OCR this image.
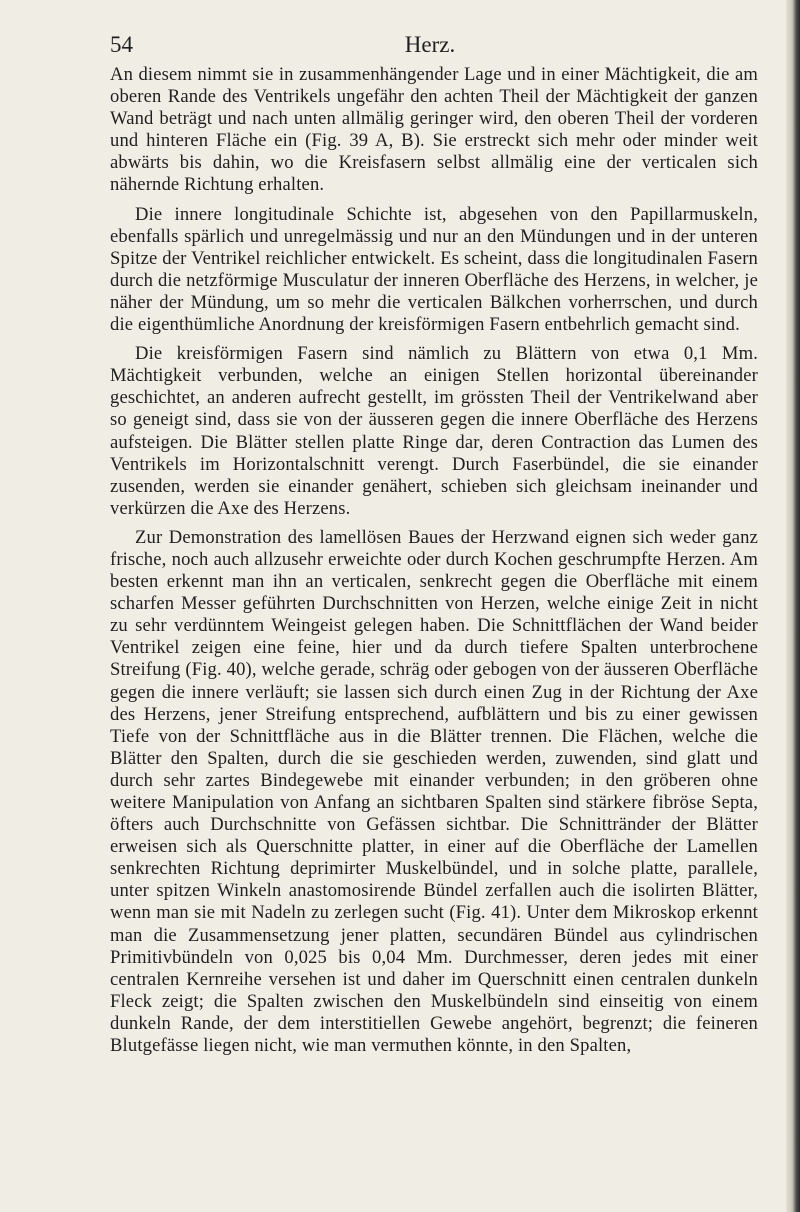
54	Herz.

An diesem nimmt sie in zusammenhängender Lage und in einer Mächtigkeit, die am oberen Rande des Ventrikels ungefähr den achten Theil der Mächtigkeit der ganzen Wand beträgt und nach unten allmälig geringer wird, den oberen Theil der vorderen und hinteren Fläche ein (Fig. 39 A, B). Sie erstreckt sich mehr oder minder weit abwärts bis dahin, wo die Kreisfasern selbst allmälig eine der verticalen sich nähernde Richtung erhalten.

Die innere longitudinale Schichte ist, abgesehen von den Papillarmuskeln, ebenfalls spärlich und unregelmässig und nur an den Mündungen und in der unteren Spitze der Ventrikel reichlicher entwickelt. Es scheint, dass die longitudinalen Fasern durch die netzförmige Musculatur der inneren Oberfläche des Herzens, in welcher, je näher der Mündung, um so mehr die verticalen Bälkchen vorherrschen, und durch die eigenthümliche Anordnung der kreisförmigen Fasern entbehrlich gemacht sind.

Die kreisförmigen Fasern sind nämlich zu Blättern von etwa 0,1 Mm. Mächtigkeit verbunden, welche an einigen Stellen horizontal übereinander geschichtet, an anderen aufrecht gestellt, im grössten Theil der Ventrikelwand aber so geneigt sind, dass sie von der äusseren gegen die innere Oberfläche des Herzens aufsteigen. Die Blätter stellen platte Ringe dar, deren Contraction das Lumen des Ventrikels im Horizontalschnitt verengt. Durch Faserbündel, die sie einander zusenden, werden sie einander genähert, schieben sich gleichsam ineinander und verkürzen die Axe des Herzens.

Zur Demonstration des lamellösen Baues der Herzwand eignen sich weder ganz frische, noch auch allzusehr erweichte oder durch Kochen geschrumpfte Herzen. Am besten erkennt man ihn an verticalen, senkrecht gegen die Oberfläche mit einem scharfen Messer geführten Durchschnitten von Herzen, welche einige Zeit in nicht zu sehr verdünntem Weingeist gelegen haben. Die Schnittflächen der Wand beider Ventrikel zeigen eine feine, hier und da durch tiefere Spalten unterbrochene Streifung (Fig. 40), welche gerade, schräg oder gebogen von der äusseren Oberfläche gegen die innere verläuft; sie lassen sich durch einen Zug in der Richtung der Axe des Herzens, jener Streifung entsprechend, aufblättern und bis zu einer gewissen Tiefe von der Schnittfläche aus in die Blätter trennen. Die Flächen, welche die Blätter den Spalten, durch die sie geschieden werden, zuwenden, sind glatt und durch sehr zartes Bindegewebe mit einander verbunden; in den gröberen ohne weitere Manipulation von Anfang an sichtbaren Spalten sind stärkere fibröse Septa, öfters auch Durchschnitte von Gefässen sichtbar. Die Schnittränder der Blätter erweisen sich als Querschnitte platter, in einer auf die Oberfläche der Lamellen senkrechten Richtung deprimirter Muskelbündel, und in solche platte, parallele, unter spitzen Winkeln anastomosirende Bündel zerfallen auch die isolirten Blätter, wenn man sie mit Nadeln zu zerlegen sucht (Fig. 41). Unter dem Mikroskop erkennt man die Zusammensetzung jener platten, secundären Bündel aus cylindrischen Primitivbündeln von 0,025 bis 0,04 Mm. Durchmesser, deren jedes mit einer centralen Kernreihe versehen ist und daher im Querschnitt einen centralen dunkeln Fleck zeigt; die Spalten zwischen den Muskelbündeln sind einseitig von einem dunkeln Rande, der dem interstitiellen Gewebe angehört, begrenzt; die feineren Blutgefässe liegen nicht, wie man vermuthen könnte, in den Spalten,
